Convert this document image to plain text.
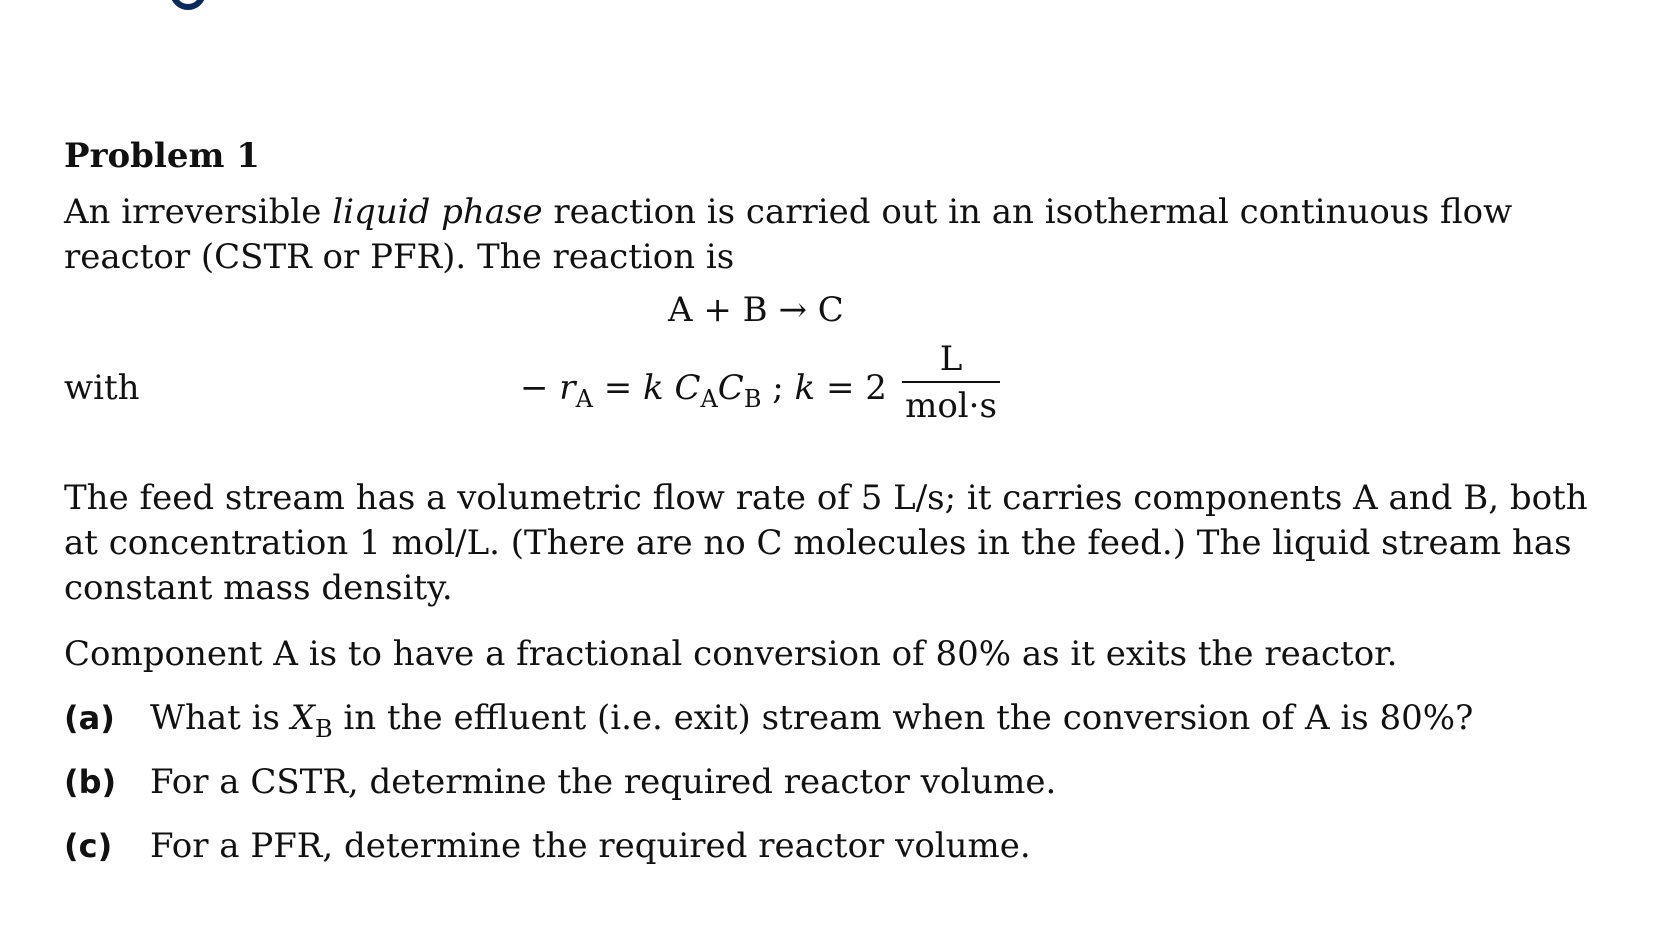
Problem 1
An irreversible liquid phase reaction is carried out in an isothermal continuous flow reactor (CSTR or PFR). The reaction is
A + B → C
with	− $r_A = k$ $C_AC_B$ ; k = 2
L
mol·s
The feed stream has a volumetric flow rate of 5 L/s; it carries components A and B, both at concentration 1 mol/L. (There are no C molecules in the feed.) The liquid stream has constant mass density.
Component A is to have a fractional conversion of 80% as it exits the reactor.
(a) What is $X_B$ in the effluent (i.e. exit) stream when the conversion of A is 80%?
(b) For a CSTR, determine the required reactor volume.
(c) For a PFR, determine the required reactor volume.
